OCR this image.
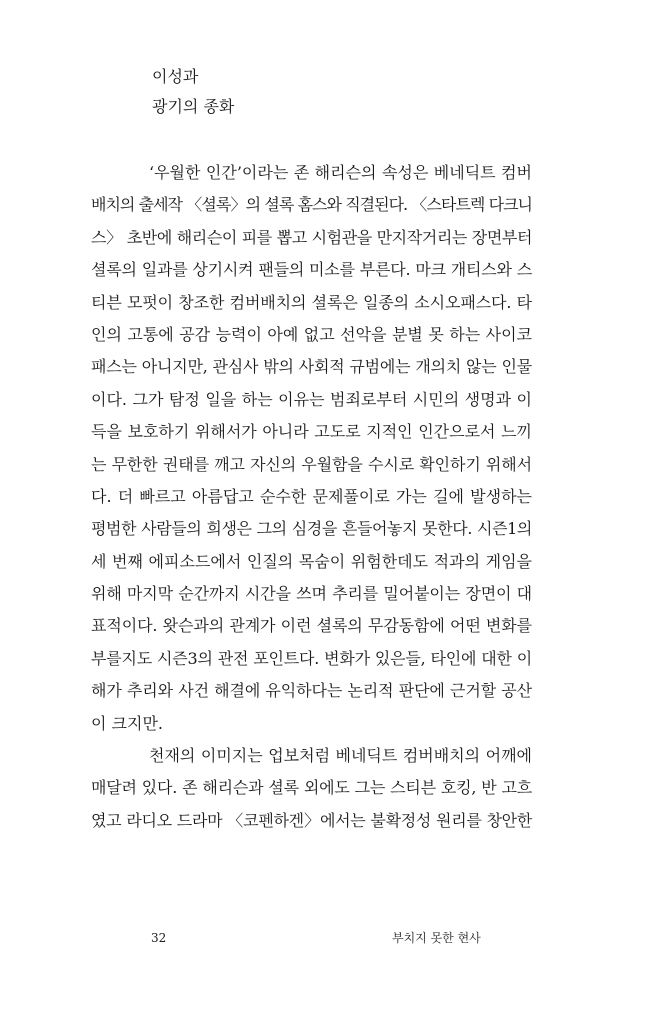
이성과
광기의 종화
‘우월한 인간’이라는 존 해리슨의 속성은 베네딕트 컴버
배치의 출세작 〈셜록〉의 셜록 홈스와 직결된다. 〈스타트렉 다크니
스〉 초반에 해리슨이 피를 뽑고 시험관을 만지작거리는 장면부터
셜록의 일과를 상기시켜 팬들의 미소를 부른다. 마크 개티스와 스
티븐 모펏이 창조한 컴버배치의 셜록은 일종의 소시오패스다. 타
인의 고통에 공감 능력이 아예 없고 선악을 분별 못 하는 사이코
패스는 아니지만, 관심사 밖의 사회적 규범에는 개의치 않는 인물
이다. 그가 탐정 일을 하는 이유는 범죄로부터 시민의 생명과 이
득을 보호하기 위해서가 아니라 고도로 지적인 인간으로서 느끼
는 무한한 권태를 깨고 자신의 우월함을 수시로 확인하기 위해서
다. 더 빠르고 아름답고 순수한 문제풀이로 가는 길에 발생하는
평범한 사람들의 희생은 그의 심경을 흔들어놓지 못한다. 시즌1의
세 번째 에피소드에서 인질의 목숨이 위험한데도 적과의 게임을
위해 마지막 순간까지 시간을 쓰며 추리를 밀어붙이는 장면이 대
표적이다. 왓슨과의 관계가 이런 셜록의 무감동함에 어떤 변화를
부를지도 시즌3의 관전 포인트다. 변화가 있은들, 타인에 대한 이
해가 추리와 사건 해결에 유익하다는 논리적 판단에 근거할 공산
이 크지만.
천재의 이미지는 업보처럼 베네딕트 컴버배치의 어깨에
매달려 있다. 존 해리슨과 셜록 외에도 그는 스티븐 호킹, 반 고흐
였고 라디오 드라마 〈코펜하겐〉에서는 불확정성 원리를 창안한
32	부치지 못한 현사
